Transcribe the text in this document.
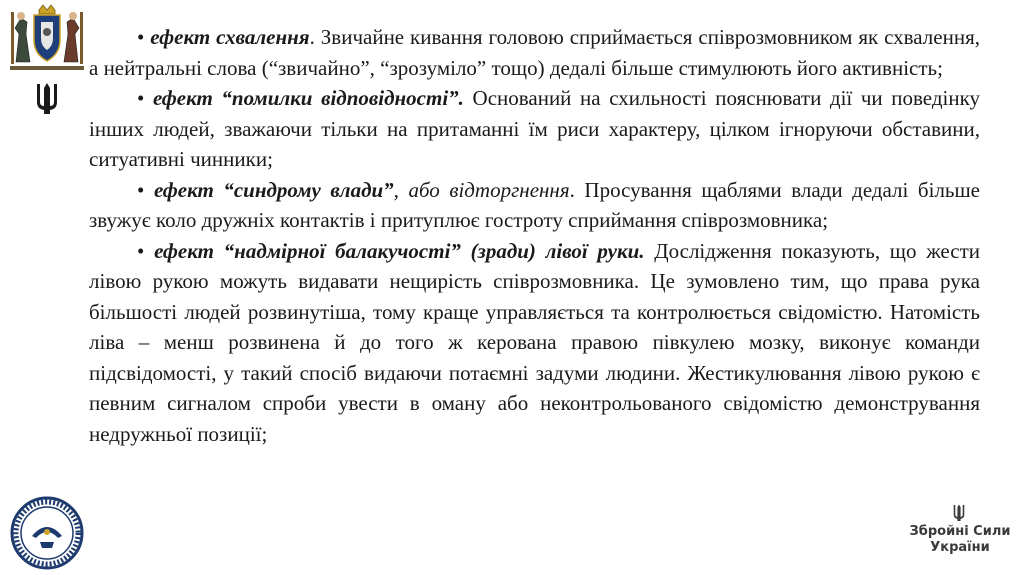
Збройні Сили
України

• ефект схвалення. Звичайне кивання головою сприймається співрозмовником як схвалення, а нейтральні слова (“звичайно”, “зрозуміло” тощо) дедалі більше стимулюють його активність;

• ефект “помилки відповідності”. Оснований на схильності пояснювати дії чи поведінку інших людей, зважаючи тільки на притаманні їм риси характеру, цілком ігноруючи обставини, ситуативні чинники;

• ефект “синдрому влади”, або відторгнення. Просування щаблями влади дедалі більше звужує коло дружніх контактів і притуплює гостроту сприймання співрозмовника;

• ефект “надмірної балакучості” (зради) лівої руки. Дослідження показують, що жести лівою рукою можуть видавати нещирість співрозмовника. Це зумовлено тим, що права рука більшості людей розвинутіша, тому краще управляється та контролюється свідомістю. Натомість ліва – менш розвинена й до того ж керована правою півкулею мозку, виконує команди підсвідомості, у такий спосіб видаючи потаємні задуми людини. Жестикулювання лівою рукою є певним сигналом спроби увести в оману або неконтрольованого свідомістю демонстрування недружньої позиції;
